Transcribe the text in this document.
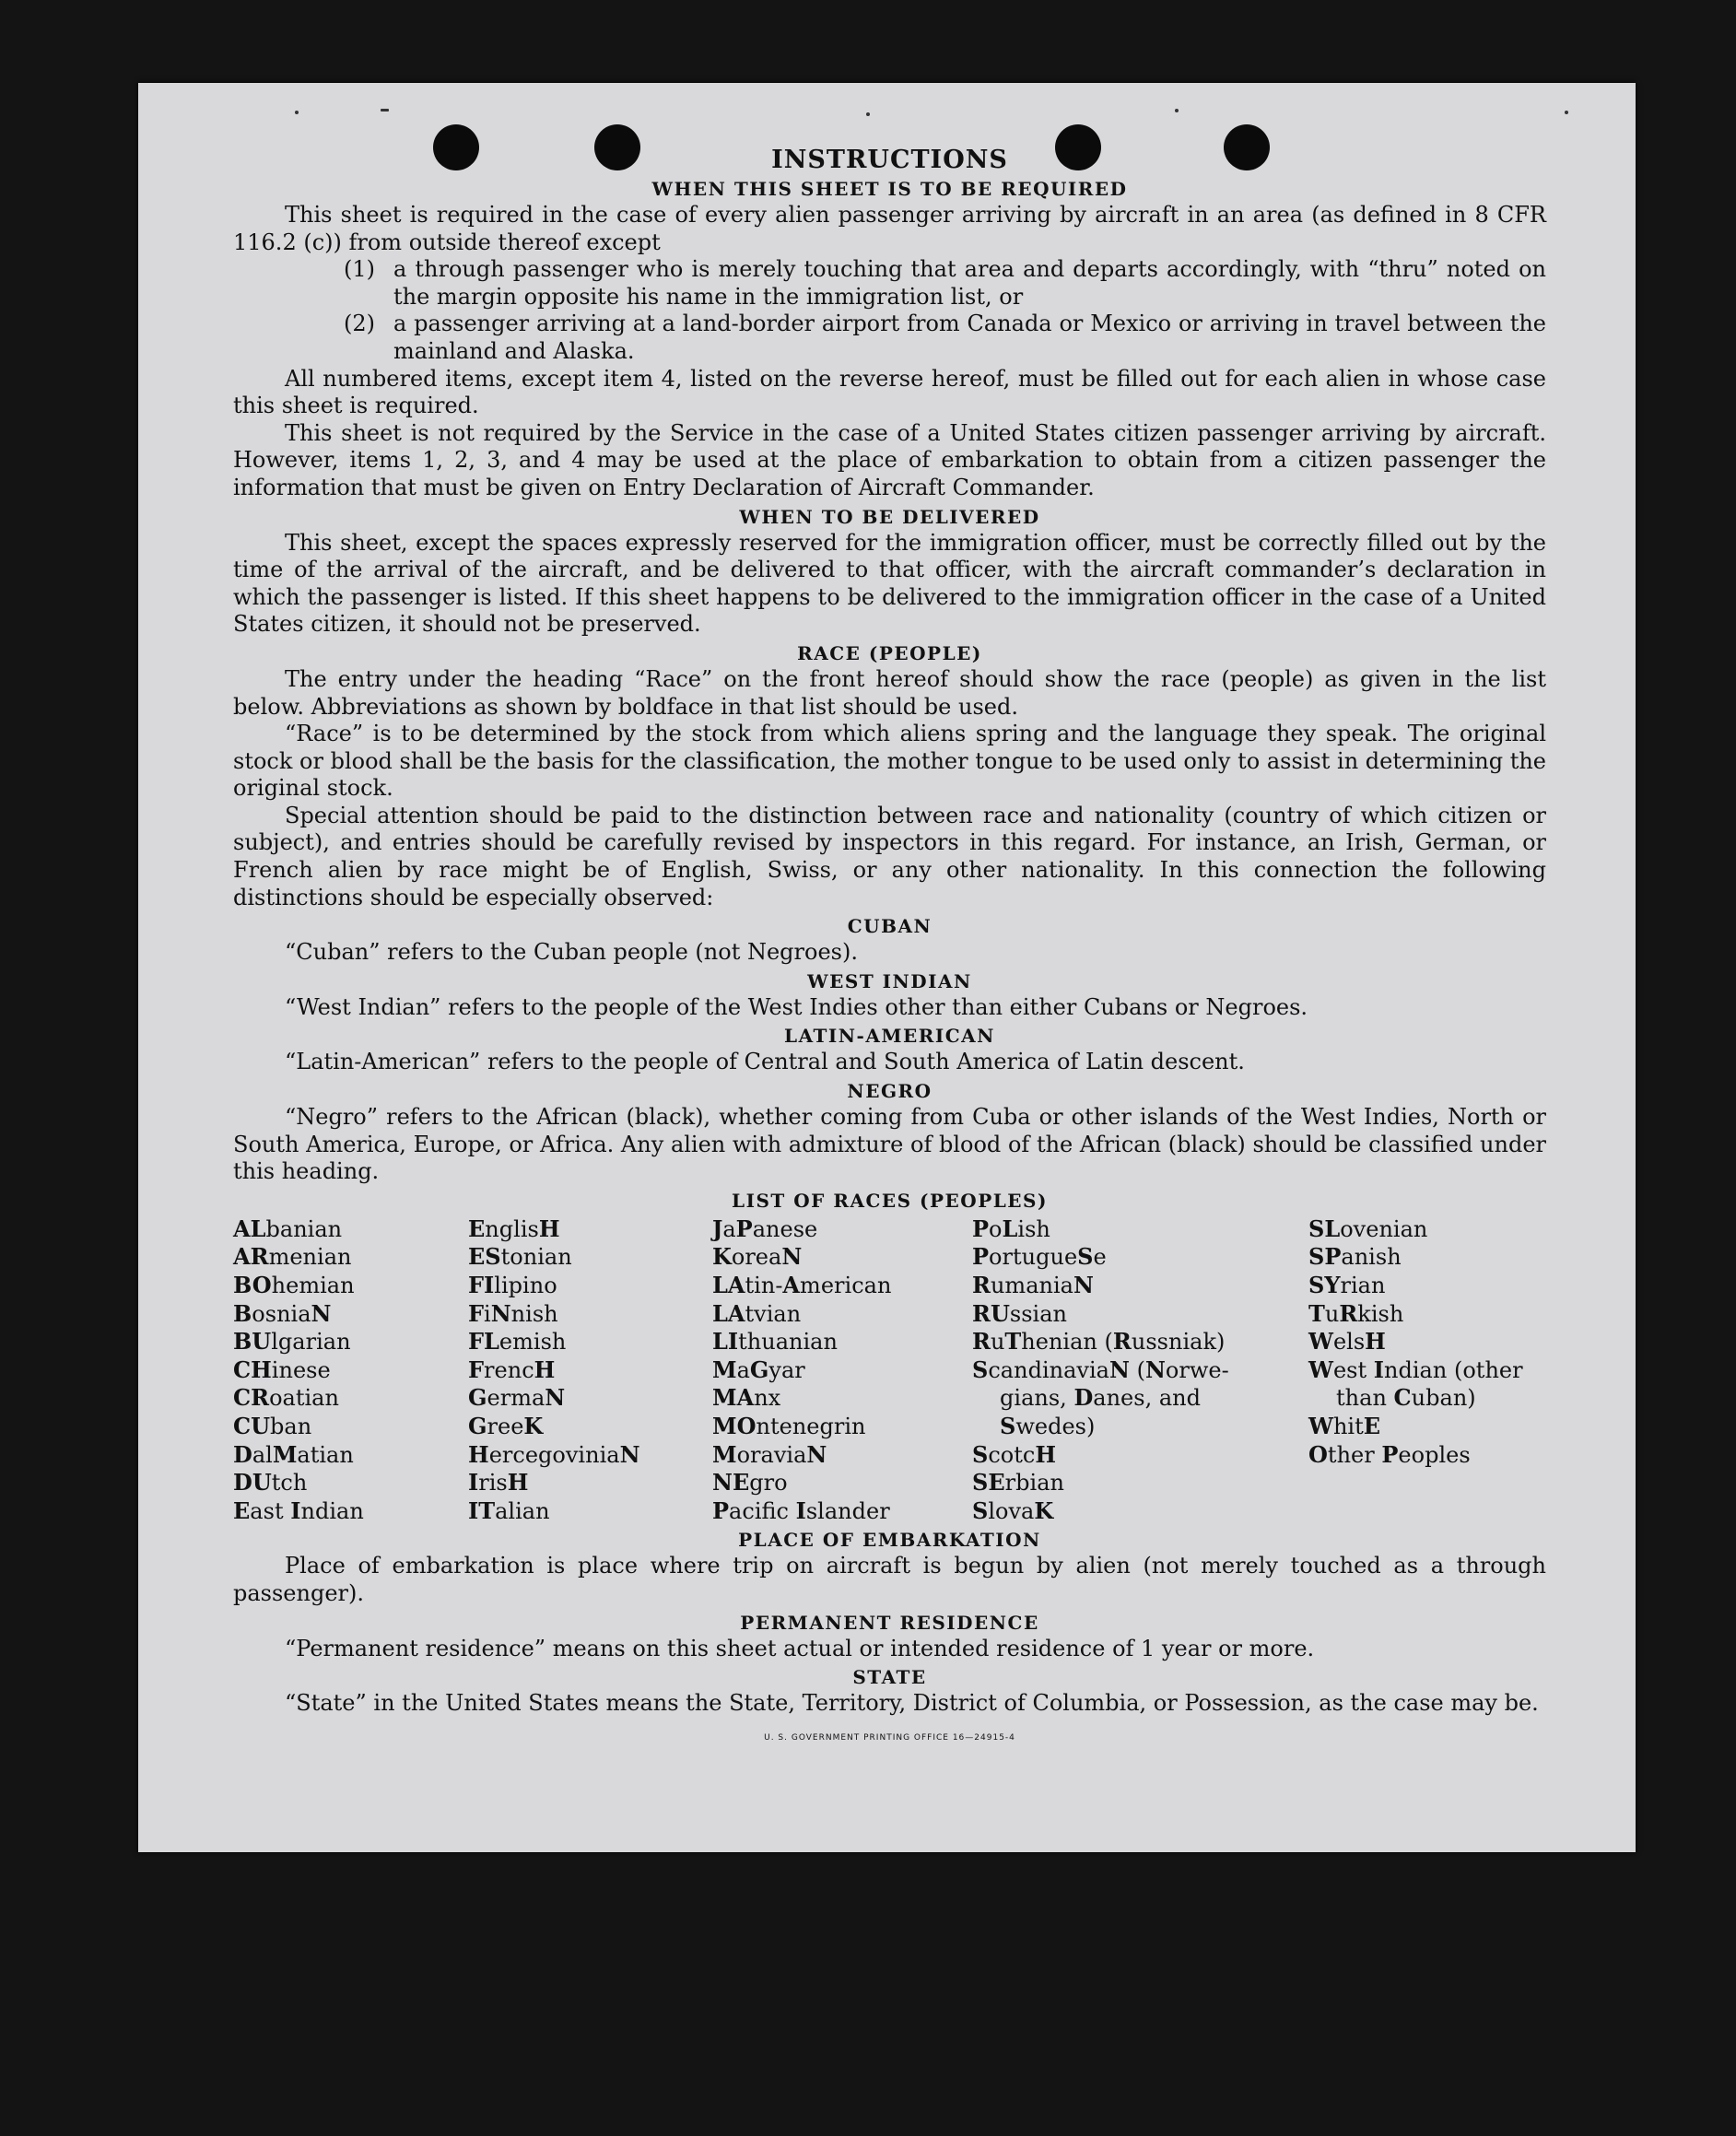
INSTRUCTIONS
WHEN THIS SHEET IS TO BE REQUIRED

This sheet is required in the case of every alien passenger arriving by aircraft in an area (as defined in 8 CFR 116.2 (c)) from outside thereof except

(1) a through passenger who is merely touching that area and departs accordingly, with “thru” noted on the margin opposite his name in the immigration list, or
(2) a passenger arriving at a land-border airport from Canada or Mexico or arriving in travel between the mainland and Alaska.

All numbered items, except item 4, listed on the reverse hereof, must be filled out for each alien in whose case this sheet is required.

This sheet is not required by the Service in the case of a United States citizen passenger arriving by aircraft. However, items 1, 2, 3, and 4 may be used at the place of embarkation to obtain from a citizen passenger the information that must be given on Entry Declaration of Aircraft Commander.

WHEN TO BE DELIVERED

This sheet, except the spaces expressly reserved for the immigration officer, must be correctly filled out by the time of the arrival of the aircraft, and be delivered to that officer, with the aircraft commander’s declaration in which the passenger is listed. If this sheet happens to be delivered to the immigration officer in the case of a United States citizen, it should not be preserved.

RACE (PEOPLE)

The entry under the heading “Race” on the front hereof should show the race (people) as given in the list below. Abbreviations as shown by boldface in that list should be used.

“Race” is to be determined by the stock from which aliens spring and the language they speak. The original stock or blood shall be the basis for the classification, the mother tongue to be used only to assist in determining the original stock.

Special attention should be paid to the distinction between race and nationality (country of which citizen or subject), and entries should be carefully revised by inspectors in this regard. For instance, an Irish, German, or French alien by race might be of English, Swiss, or any other nationality. In this connection the following distinctions should be especially observed:

CUBAN

“Cuban” refers to the Cuban people (not Negroes).

WEST INDIAN

“West Indian” refers to the people of the West Indies other than either Cubans or Negroes.

LATIN-AMERICAN

“Latin-American” refers to the people of Central and South America of Latin descent.

NEGRO

“Negro” refers to the African (black), whether coming from Cuba or other islands of the West Indies, North or South America, Europe, or Africa. Any alien with admixture of blood of the African (black) should be classified under this heading.

LIST OF RACES (PEOPLES)
ALbanian
ARmenian
BOhemian
BosniaN
BUlgarian
CHinese
CRoatian
CUban
DalMatian
DUtch
East Indian
EnglisH
EStonian
FIlipino
FiNnish
FLemish
FrencH
GermaN
GreeK
HercegoviniaN
IrisH
ITalian
JaPanese
KoreaN
LAtin-American
LAtvian
LIthuanian
MaGyar
MAnx
MOntenegrin
MoraviaN
NEgro
Pacifc Islander
PoLish
PortugueSe
RumaniaN
RUssian
RuThenian (Russniak)
ScandinaviaN (Norwe-
gians, Danes, and
Swedes)
ScotcH
SErbian
SlovaK
SLovenian
SPanish
SYrian
TuRkish
WelsH
West Indian (other
than Cuban)
WhitE
Other Peoples
PLACE OF EMBARKATION

Place of embarkation is place where trip on aircraft is begun by alien (not merely touched as a through passenger).

PERMANENT RESIDENCE

“Permanent residence” means on this sheet actual or intended residence of 1 year or more.

STATE

“State” in the United States means the State, Territory, District of Columbia, or Possession, as the case may be.

U. S. GOVERNMENT PRINTING OFFICE 16—24915-4
